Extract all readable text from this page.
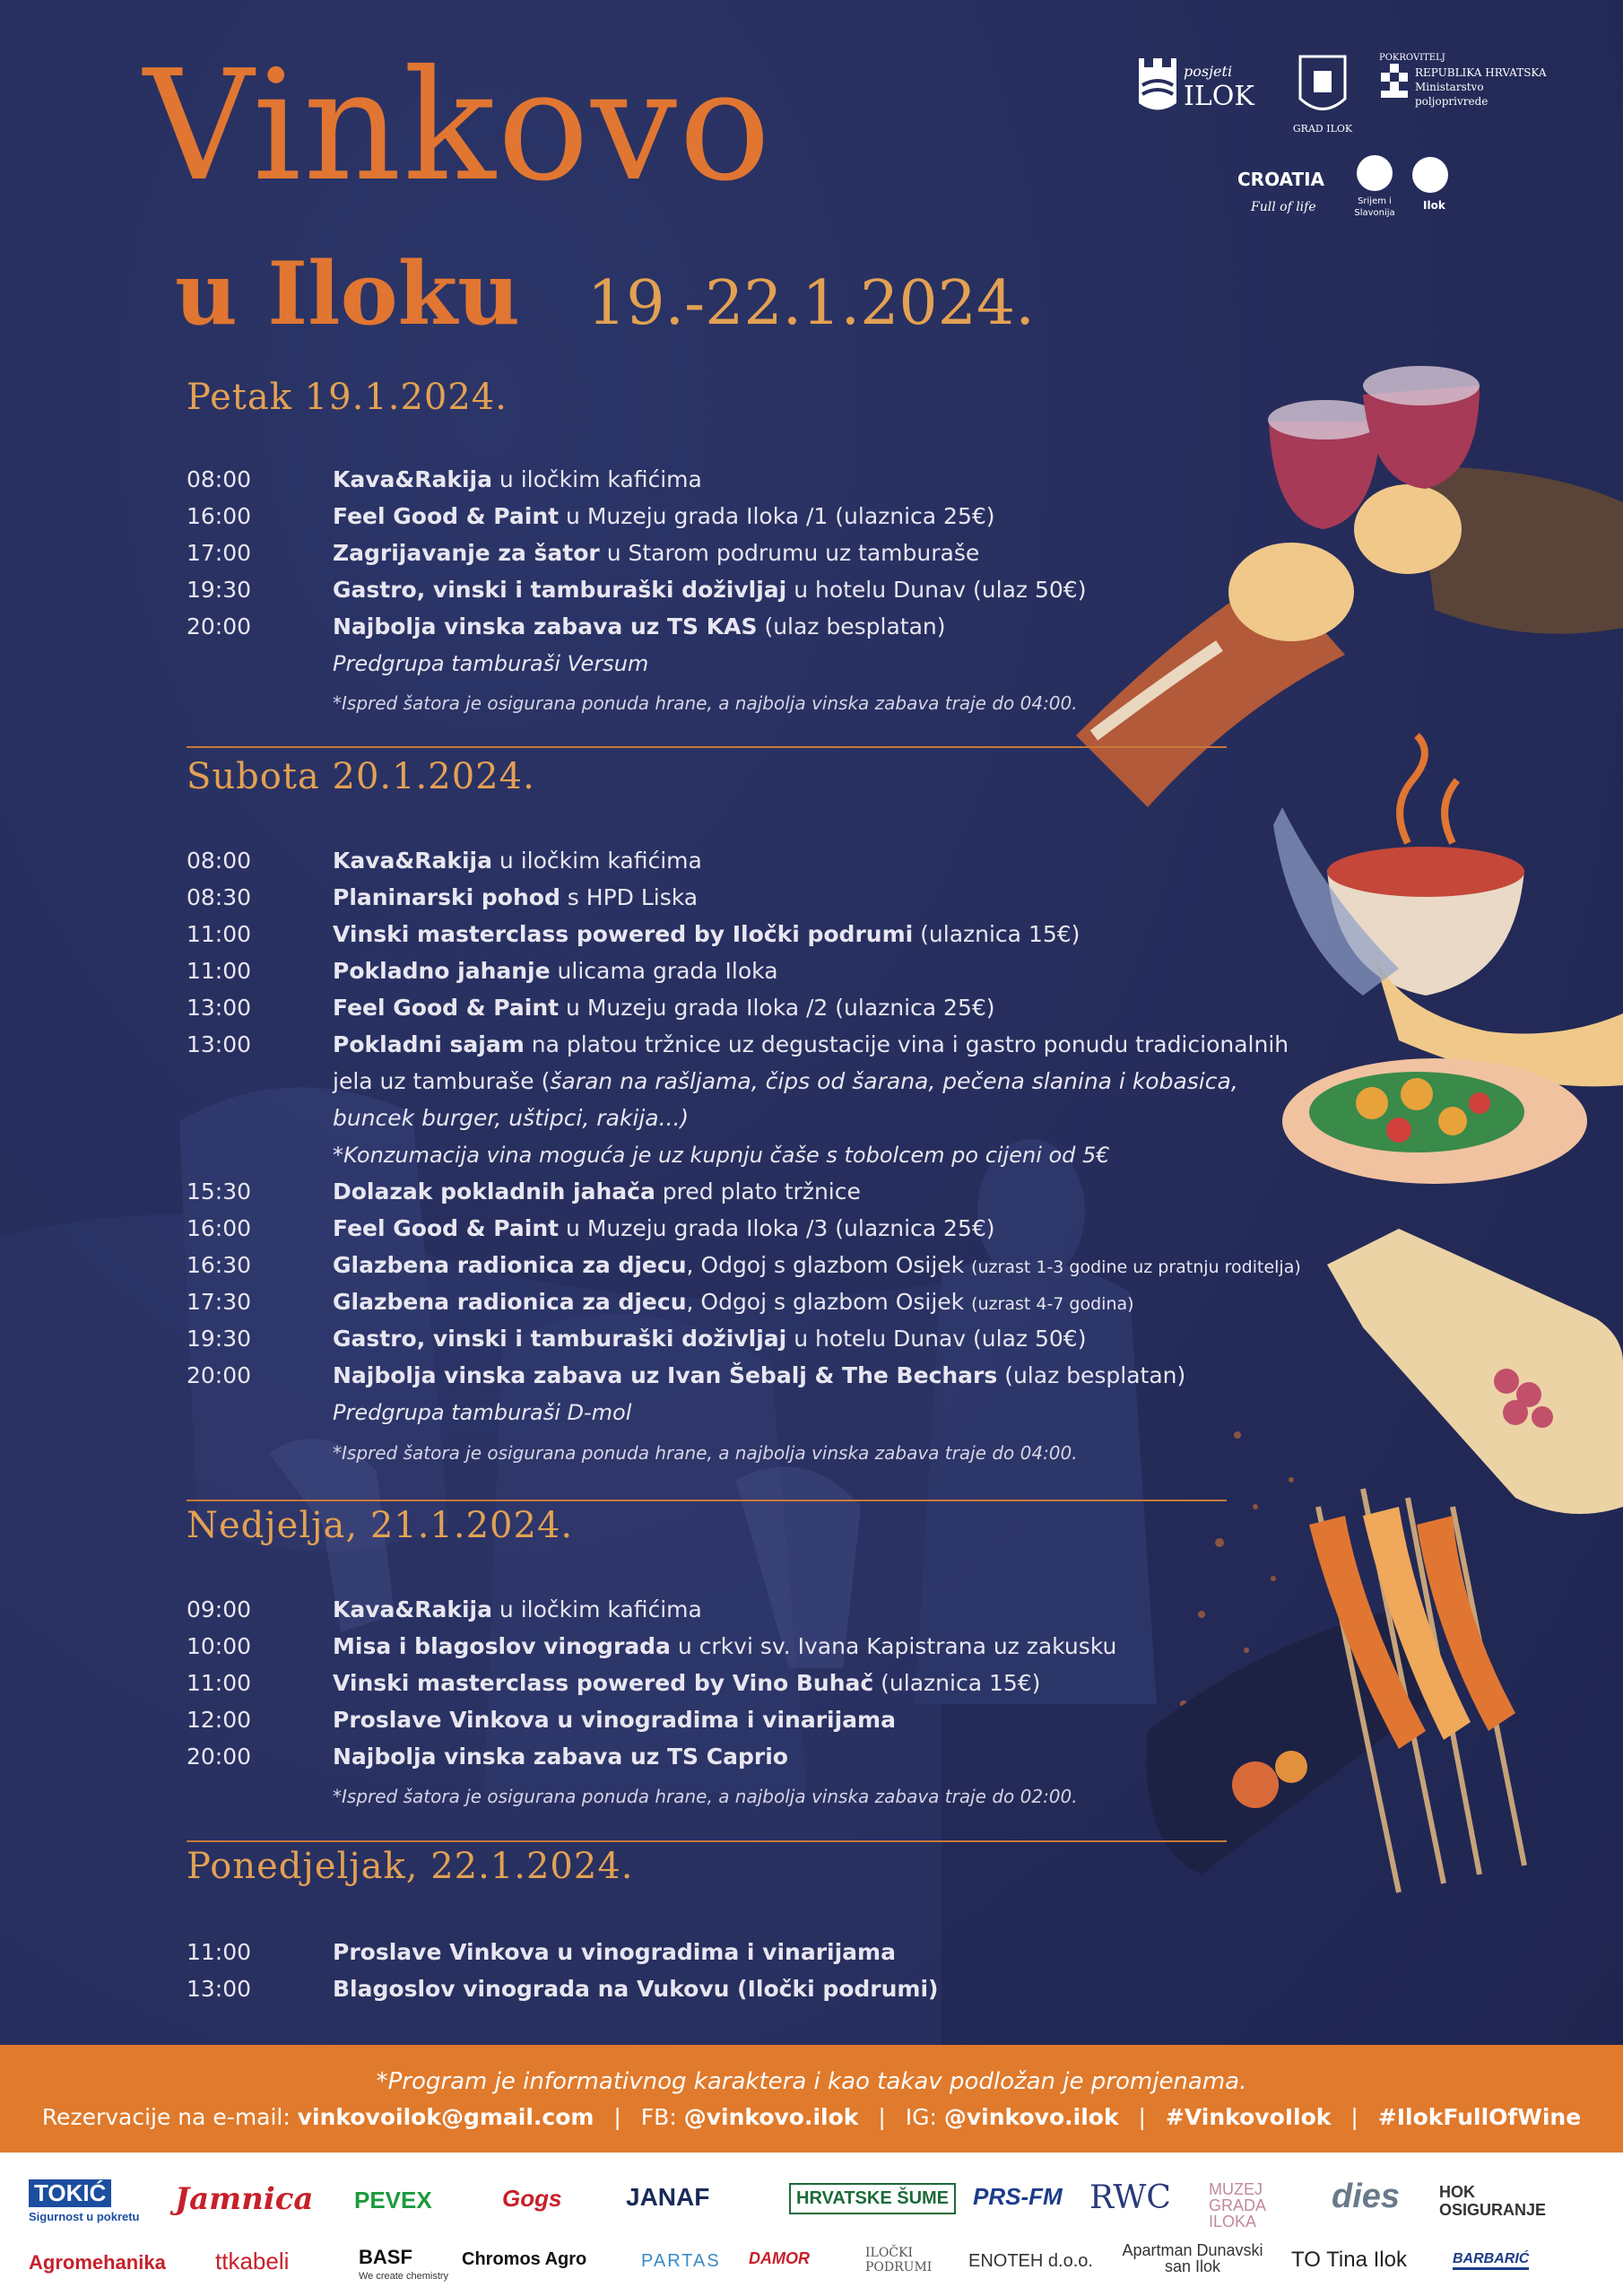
Vinkovo
u Iloku 19.-22.1.2024.
posjeti
ILOK
GRAD ILOK
POKROVITELJ
REPUBLIKA HRVATSKA
Ministarstvo
poljoprivrede
CROATIA
Full of life	Srijem i
Slavonija
Ilok
Petak 19.1.2024.
08:00	Kava&Rakija u iločkim kafićima
16:00	Feel Good & Paint u Muzeju grada Iloka /1 (ulaznica 25€)
17:00	Zagrijavanje za šator u Starom podrumu uz tamburaše
19:30	Gastro, vinski i tamburaški doživljaj u hotelu Dunav (ulaz 50€)
20:00	Najbolja vinska zabava uz TS KAS (ulaz besplatan)
Predgrupa tamburaši Versum
*Ispred šatora je osigurana ponuda hrane, a najbolja vinska zabava traje do 04:00.
Subota 20.1.2024.
08:00	Kava&Rakija u iločkim kafićima
08:30	Planinarski pohod s HPD Liska
11:00	Vinski masterclass powered by Iločki podrumi (ulaznica 15€)
11:00	Pokladno jahanje ulicama grada Iloka
13:00	Feel Good & Paint u Muzeju grada Iloka /2 (ulaznica 25€)
13:00	Pokladni sajam na platou tržnice uz degustacije vina i gastro ponudu tradicionalnih
jela uz tamburaše (šaran na rašljama, čips od šarana, pečena slanina i kobasica,
buncek burger, uštipci, rakija...)
*Konzumacija vina moguća je uz kupnju čaše s tobolcem po cijeni od 5€
15:30	Dolazak pokladnih jahača pred plato tržnice
16:00	Feel Good & Paint u Muzeju grada Iloka /3 (ulaznica 25€)
16:30	Glazbena radionica za djecu, Odgoj s glazbom Osijek (uzrast 1-3 godine uz pratnju roditelja)
17:30	Glazbena radionica za djecu, Odgoj s glazbom Osijek (uzrast 4-7 godina)
19:30	Gastro, vinski i tamburaški doživljaj u hotelu Dunav (ulaz 50€)
20:00	Najbolja vinska zabava uz Ivan Šebalj & The Bechars (ulaz besplatan)
Predgrupa tamburaši D-mol
*Ispred šatora je osigurana ponuda hrane, a najbolja vinska zabava traje do 04:00.
Nedjelja, 21.1.2024.
09:00	Kava&Rakija u iločkim kafićima
10:00	Misa i blagoslov vinograda u crkvi sv. Ivana Kapistrana uz zakusku
11:00	Vinski masterclass powered by Vino Buhač (ulaznica 15€)
12:00	Proslave Vinkova u vinogradima i vinarijama
20:00	Najbolja vinska zabava uz TS Caprio
*Ispred šatora je osigurana ponuda hrane, a najbolja vinska zabava traje do 02:00.
Ponedjeljak, 22.1.2024.
11:00	Proslave Vinkova u vinogradima i vinarijama
13:00	Blagoslov vinograda na Vukovu (Iločki podrumi)
*Program je informativnog karaktera i kao takav podložan je promjenama.
Rezervacije na e-mail: vinkovoilok@gmail.com | FB: @vinkovo.ilok | IG: @vinkovo.ilok | #VinkovoIlok | #IlokFullOfWine
TOKIĆ
Sigurnost u pokretu Jamnica PEVEX	Gogs	JANAF	HRVATSKE ŠUME	PRS-FM RWC MUZEJ GRADA ILOKA
dies HOK OSIGURANJE
Agromehanika ttkabeli	BASF
We create chemistry
Chromos Agro	PARTAS DAMOR	ILOČKI PODRUMI	ENOTEH d.o.o.
Apartman Dunavski san Ilok	TO Tina Ilok	BARBARIĆ
